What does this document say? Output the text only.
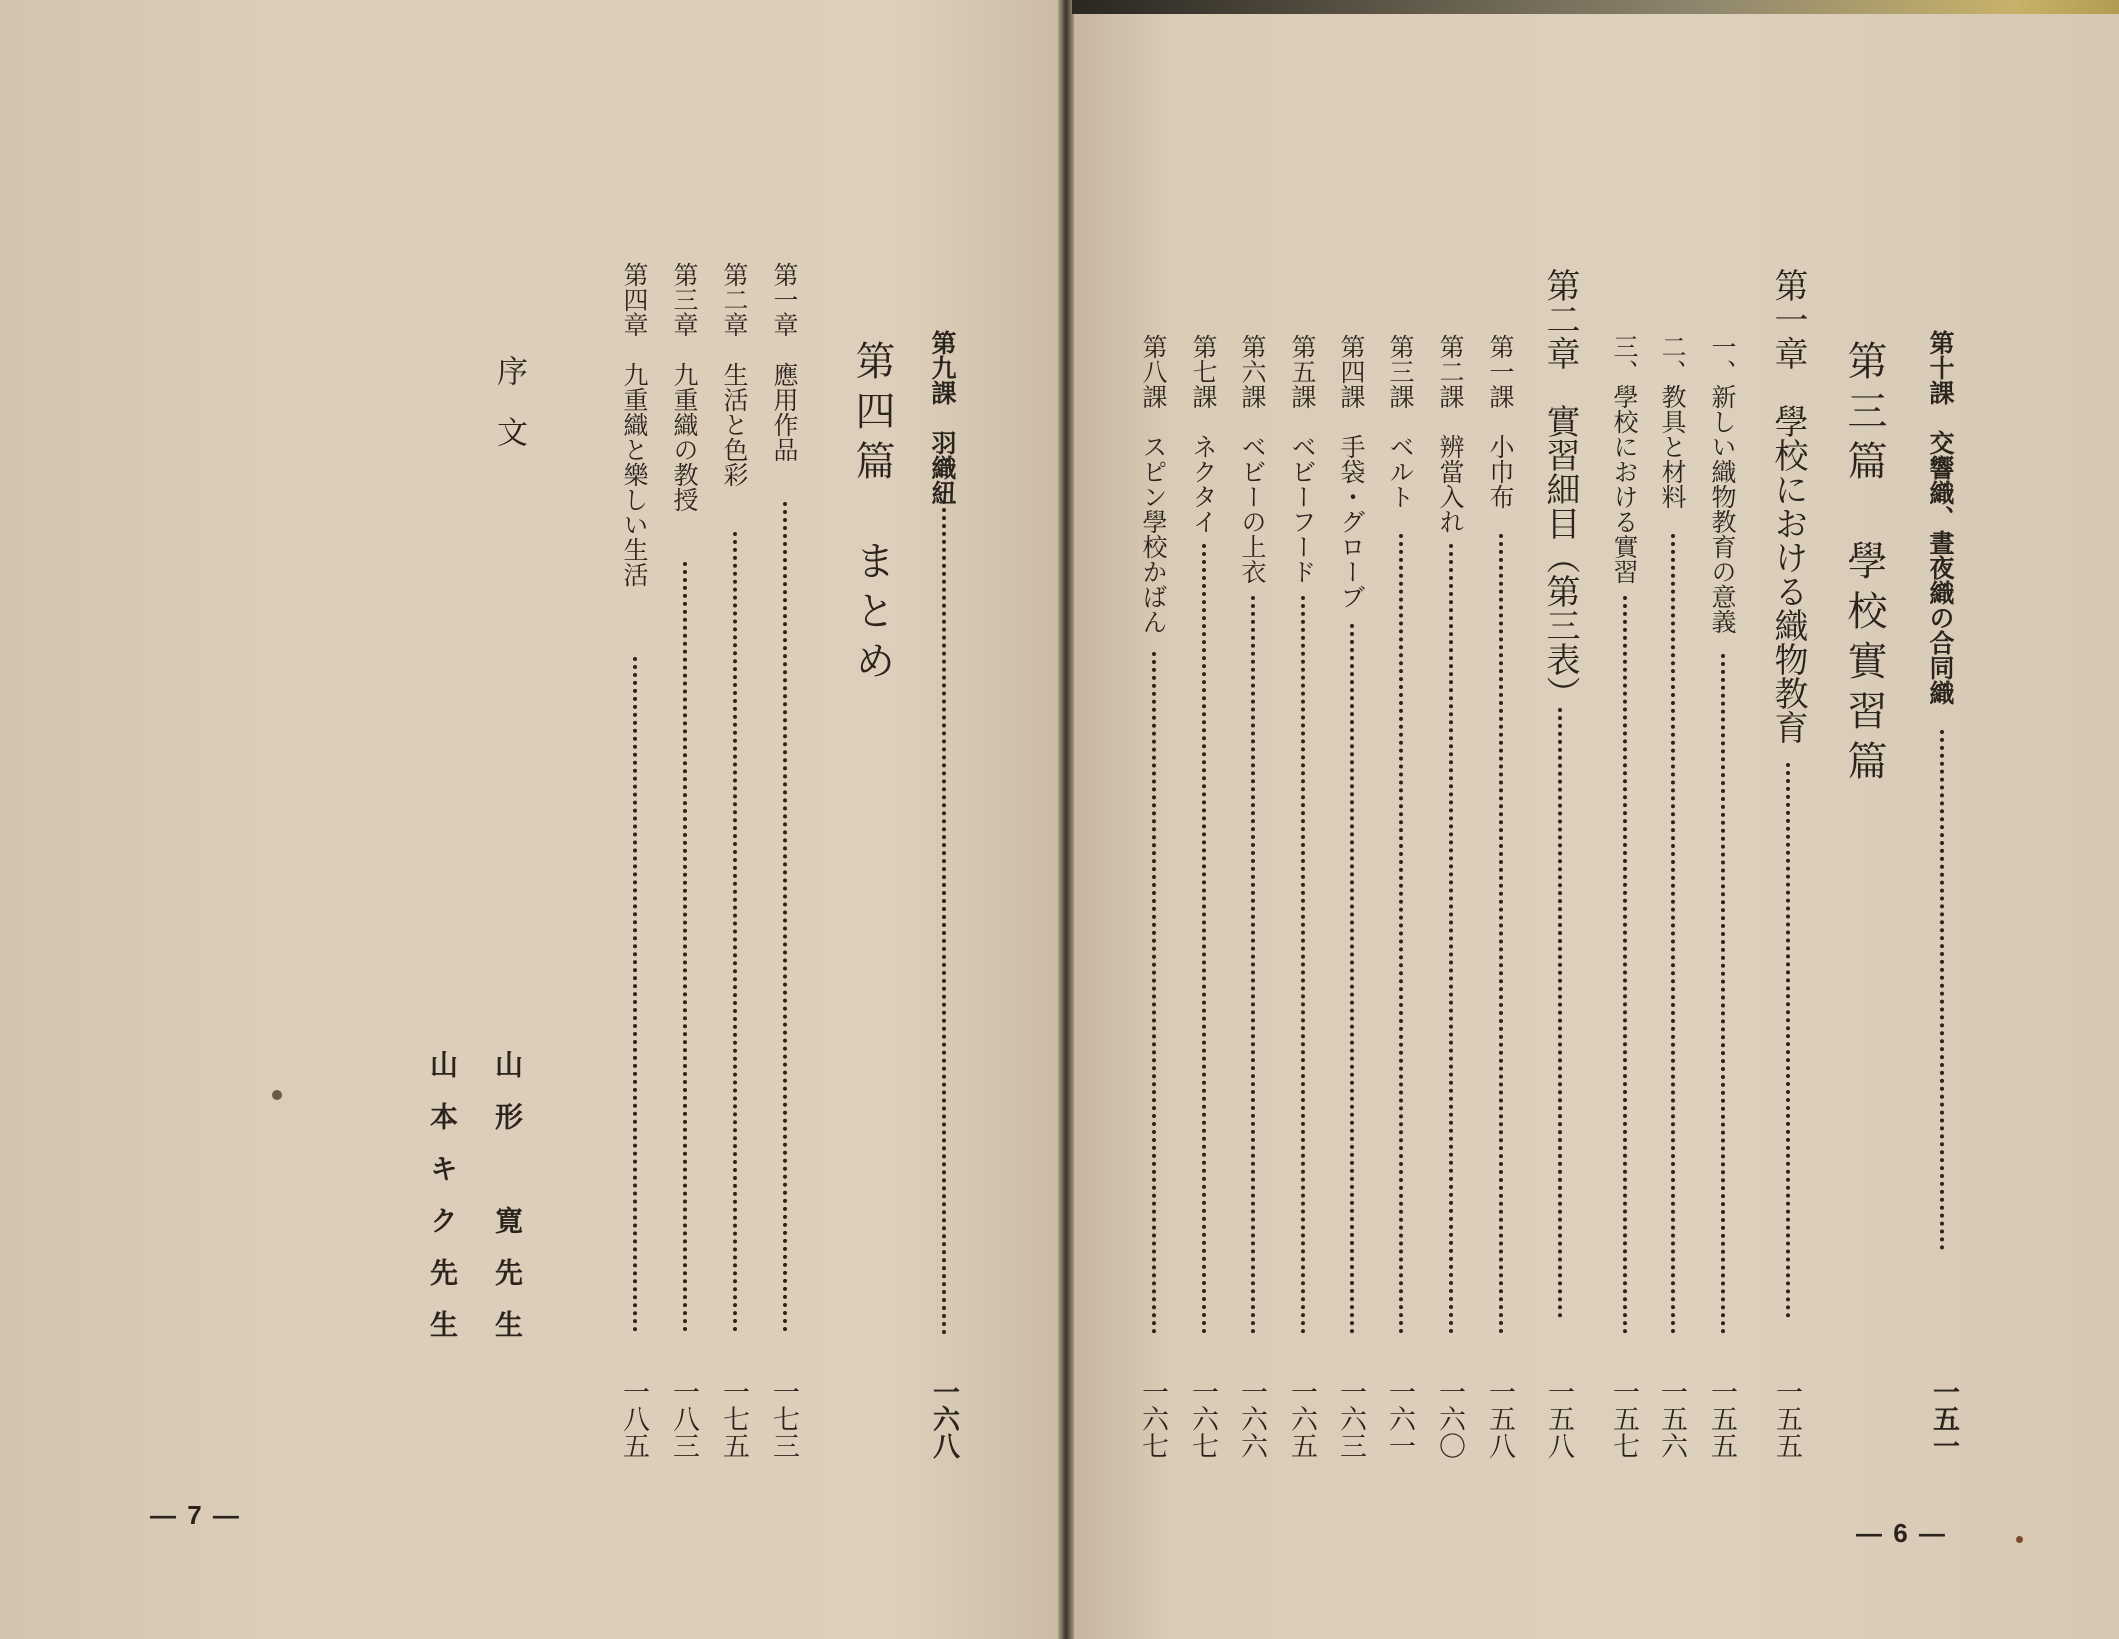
第十課　交響織、晝夜織の合同織
一五一
第三篇　學校實習篇
第一章　學校における織物教育
一五五
一、新しい織物教育の意義
一五五
二、教具と材料
一五六
三、學校における實習
一五七
第二章　實習細目（第三表）
一五八
第一課　小巾布
一五八
第二課　辨當入れ
一六〇
第三課　ベルト
一六一
第四課　手袋・グローブ
一六三
第五課　ベビーフード
一六五
第六課　ベビーの上衣
一六六
第七課　ネクタイ
一六七
第八課　スピン學校かばん
一六七
— 6 —
第九課　羽織紐
一六八
第四篇　まとめ
第一章　應用作品
一七三
第二章　生活と色彩
一七五
第三章　九重織の教授
一八三
第四章　九重織と樂しい生活
一八五
序文
山形　寛先生
山本キク先生
— 7 —
